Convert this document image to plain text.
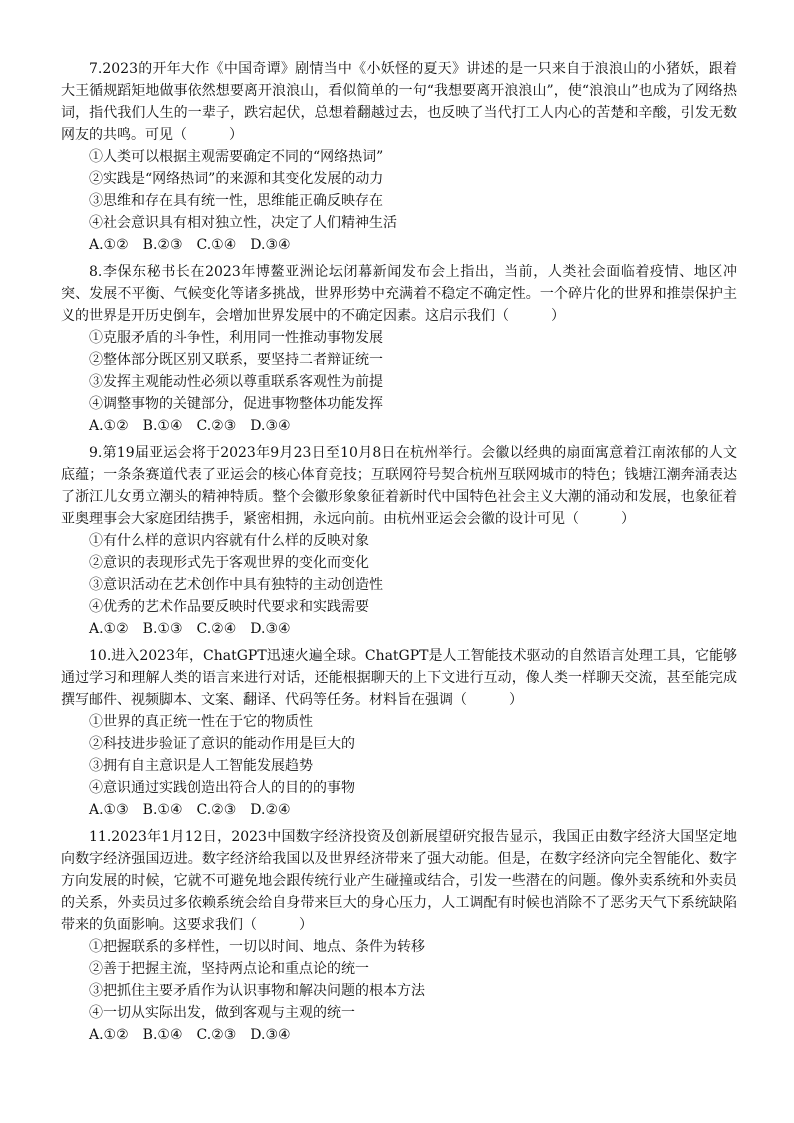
7.2023的开年大作《中国奇谭》剧情当中《小妖怪的夏天》讲述的是一只来自于浪浪山的小猪妖，跟着大王循规蹈矩地做事依然想要离开浪浪山，看似简单的一句“我想要离开浪浪山”，使“浪浪山”也成为了网络热词，指代我们人生的一辈子，跌宕起伏，总想着翻越过去，也反映了当代打工人内心的苦楚和辛酸，引发无数网友的共鸣。可见（　　　）

①人类可以根据主观需要确定不同的“网络热词”

②实践是“网络热词”的来源和其变化发展的动力

③思维和存在具有统一性，思维能正确反映存在

④社会意识具有相对独立性，决定了人们精神生活

A.①②　B.②③　C.①④　D.③④

8.李保东秘书长在2023年博鳌亚洲论坛闭幕新闻发布会上指出，当前，人类社会面临着疫情、地区冲突、发展不平衡、气候变化等诸多挑战，世界形势中充满着不稳定不确定性。一个碎片化的世界和推崇保护主义的世界是开历史倒车，会增加世界发展中的不确定因素。这启示我们（　　　）

①克服矛盾的斗争性，利用同一性推动事物发展

②整体部分既区别又联系，要坚持二者辩证统一

③发挥主观能动性必须以尊重联系客观性为前提

④调整事物的关键部分，促进事物整体功能发挥

A.①②　B.①④　C.②③　D.③④

9.第19届亚运会将于2023年9月23日至10月8日在杭州举行。会徽以经典的扇面寓意着江南浓郁的人文底蕴；一条条赛道代表了亚运会的核心体育竞技；互联网符号契合杭州互联网城市的特色；钱塘江潮奔涌表达了浙江儿女勇立潮头的精神特质。整个会徽形象象征着新时代中国特色社会主义大潮的涌动和发展，也象征着亚奥理事会大家庭团结携手，紧密相拥，永远向前。由杭州亚运会会徽的设计可见（　　　）

①有什么样的意识内容就有什么样的反映对象

②意识的表现形式先于客观世界的变化而变化

③意识活动在艺术创作中具有独特的主动创造性

④优秀的艺术作品要反映时代要求和实践需要

A.①②　B.①③　C.②④　D.③④

10.进入2023年，ChatGPT迅速火遍全球。ChatGPT是人工智能技术驱动的自然语言处理工具，它能够通过学习和理解人类的语言来进行对话，还能根据聊天的上下文进行互动，像人类一样聊天交流，甚至能完成撰写邮件、视频脚本、文案、翻译、代码等任务。材料旨在强调（　　　）

①世界的真正统一性在于它的物质性

②科技进步验证了意识的能动作用是巨大的

③拥有自主意识是人工智能发展趋势

④意识通过实践创造出符合人的目的的事物

A.①③　B.①④　C.②③　D.②④

11.2023年1月12日，2023中国数字经济投资及创新展望研究报告显示，我国正由数字经济大国坚定地向数字经济强国迈进。数字经济给我国以及世界经济带来了强大动能。但是，在数字经济向完全智能化、数字方向发展的时候，它就不可避免地会跟传统行业产生碰撞或结合，引发一些潜在的问题。像外卖系统和外卖员的关系，外卖员过多依赖系统会给自身带来巨大的身心压力，人工调配有时候也消除不了恶劣天气下系统缺陷带来的负面影响。这要求我们（　　　）

①把握联系的多样性，一切以时间、地点、条件为转移

②善于把握主流，坚持两点论和重点论的统一

③把抓住主要矛盾作为认识事物和解决问题的根本方法

④一切从实际出发，做到客观与主观的统一

A.①②　B.①④　C.②③　D.③④
